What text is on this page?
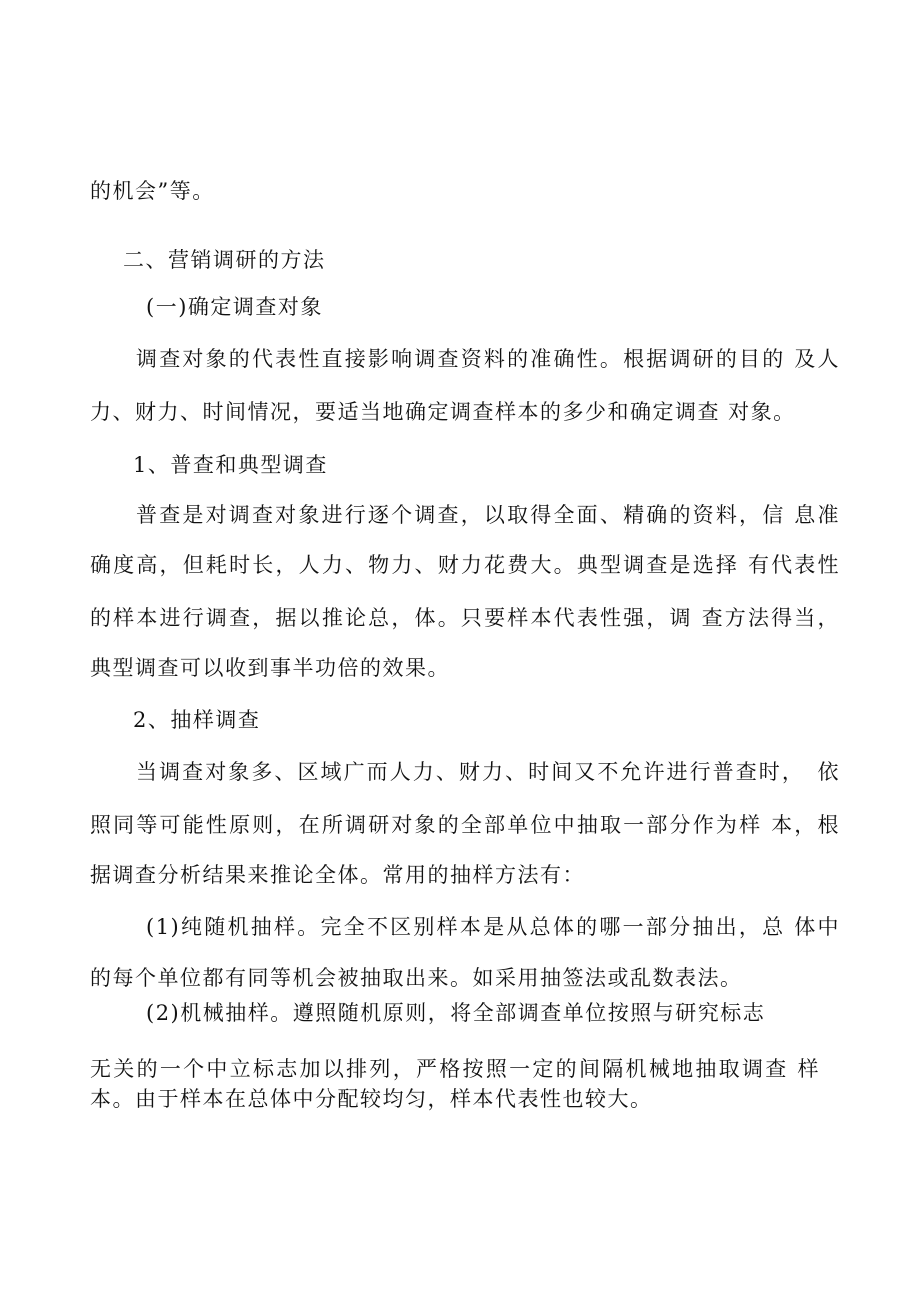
的机会”等。
二、营销调研的方法
(一)确定调查对象
调查对象的代表性直接影响调查资料的准确性。根据调研的目的 及人
力、财力、时间情况，要适当地确定调查样本的多少和确定调查 对象。
1、普查和典型调查
普查是对调查对象进行逐个调查，以取得全面、精确的资料，信 息准
确度高，但耗时长，人力、物力、财力花费大。典型调查是选择 有代表性
的样本进行调查，据以推论总，体。只要样本代表性强，调 查方法得当，
典型调查可以收到事半功倍的效果。
2、抽样调查
当调查对象多、区域广而人力、财力、时间又不允许进行普查时，　依
照同等可能性原则，在所调研对象的全部单位中抽取一部分作为样 本，根
据调查分析结果来推论全体。常用的抽样方法有：
(1)纯随机抽样。完全不区别样本是从总体的哪一部分抽出，总 体中
的每个单位都有同等机会被抽取出来。如采用抽签法或乱数表法。
(2)机械抽样。遵照随机原则，将全部调查单位按照与研究标志
无关的一个中立标志加以排列，严格按照一定的间隔机械地抽取调查 样
本。由于样本在总体中分配较均匀，样本代表性也较大。
